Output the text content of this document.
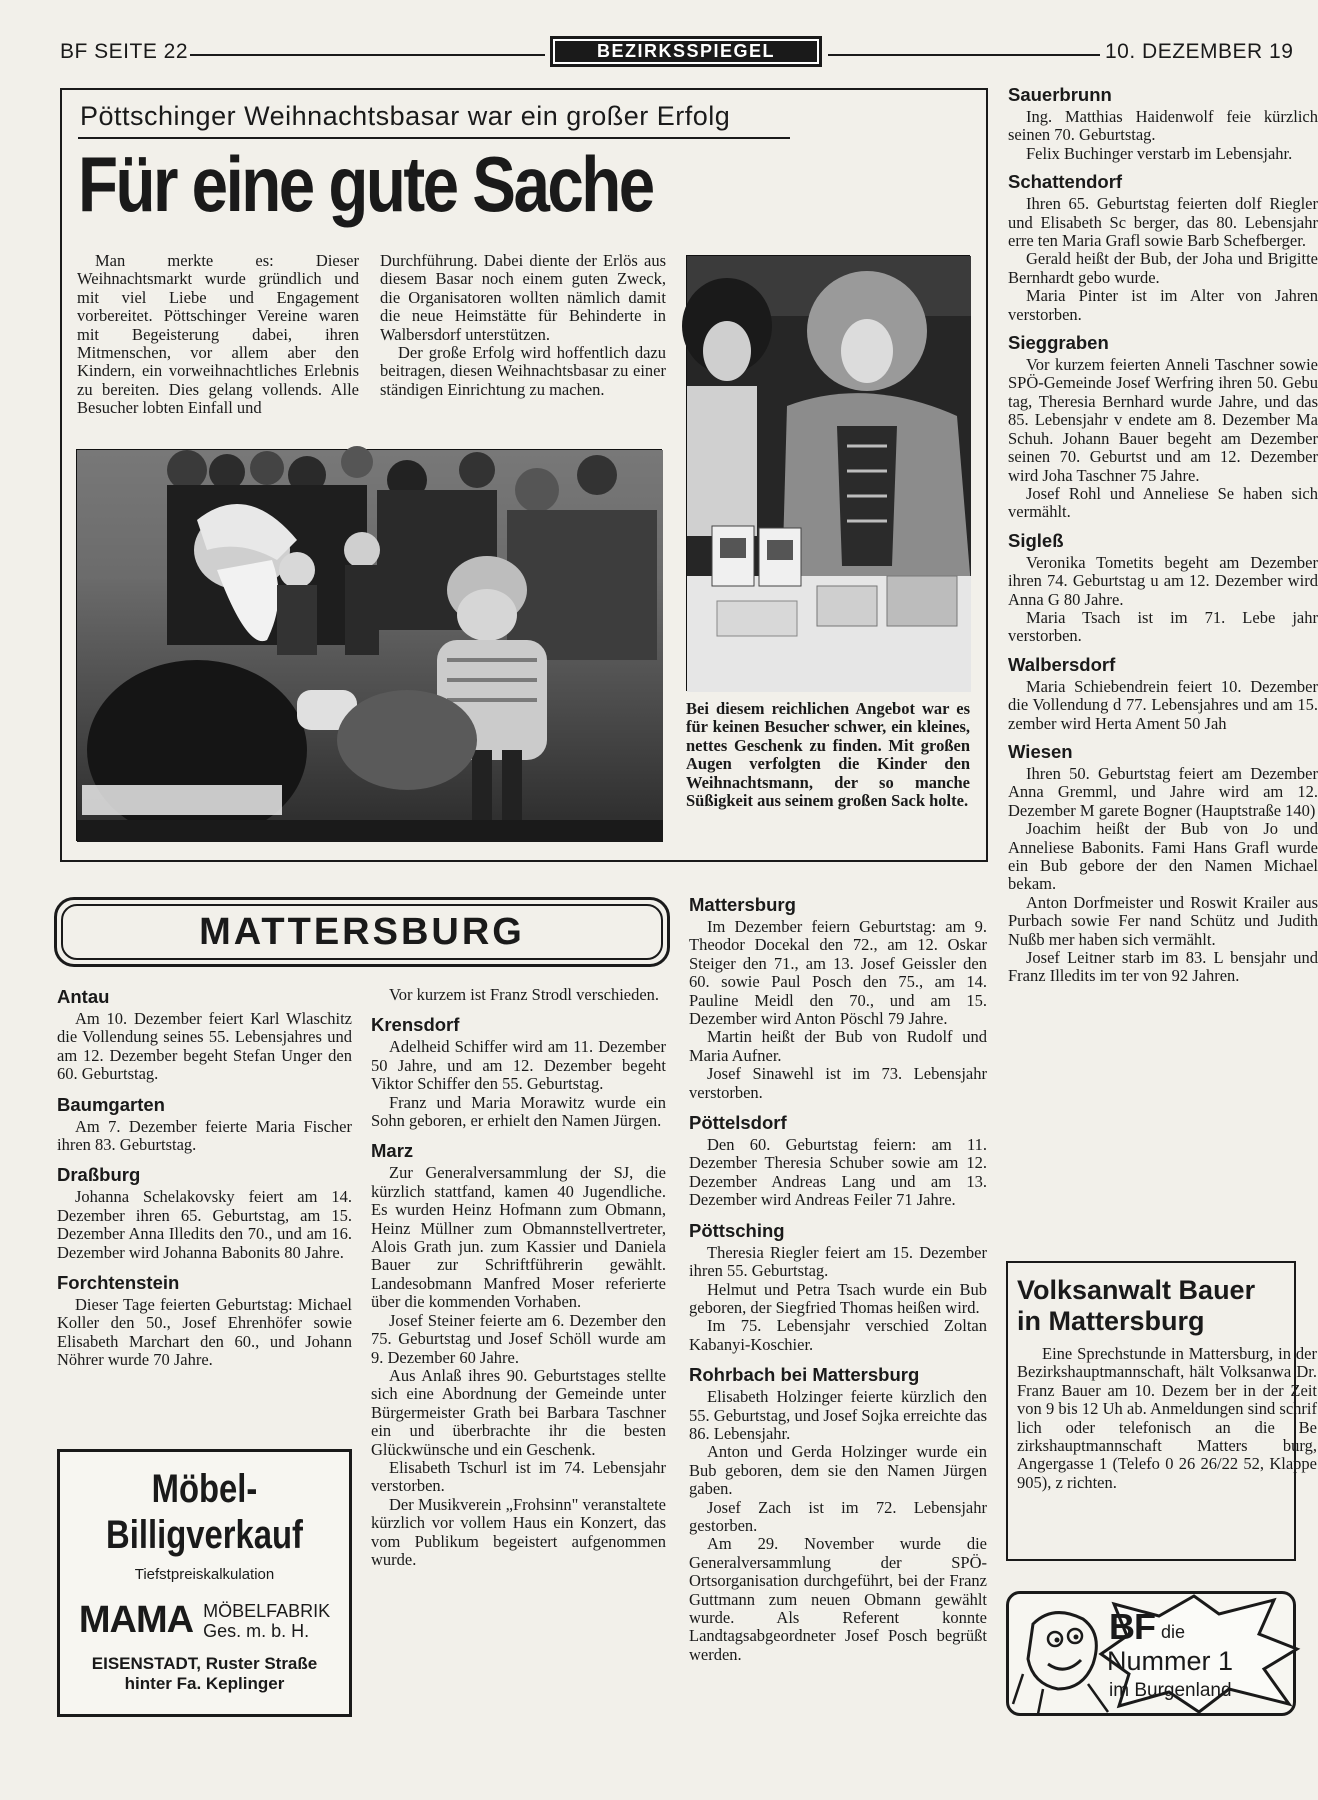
BF SEITE 22	BEZIRKSSPIEGEL	10. DEZEMBER 19
Pöttschinger Weihnachtsbasar war ein großer Erfolg
Für eine gute Sache

Man merkte es: Dieser Weihnachtsmarkt wurde gründlich und mit viel Liebe und Engagement vorbereitet. Pöttschinger Vereine waren mit Begeisterung dabei, ihren Mitmenschen, vor allem aber den Kindern, ein vorweihnachtliches Erlebnis zu bereiten. Dies gelang vollends. Alle Besucher lobten Einfall und

Durchführung. Dabei diente der Erlös aus diesem Basar noch einem guten Zweck, die Organisatoren wollten nämlich damit die neue Heimstätte für Behinderte in Walbersdorf unterstützen.

Der große Erfolg wird hoffentlich dazu beitragen, diesen Weihnachtsbasar zu einer ständigen Einrichtung zu machen.

Bei diesem reichlichen Angebot war es für keinen Besucher schwer, ein kleines, nettes Geschenk zu finden. Mit großen Augen verfolgten die Kinder den Weihnachtsmann, der so manche Süßigkeit aus seinem großen Sack holte.
MATTERSBURG
Antau

Am 10. Dezember feiert Karl Wlaschitz die Vollendung seines 55. Lebensjahres und am 12. Dezember begeht Stefan Unger den 60. Geburtstag.

Baumgarten

Am 7. Dezember feierte Maria Fischer ihren 83. Geburtstag.

Draßburg

Johanna Schelakovsky feiert am 14. Dezember ihren 65. Geburtstag, am 15. Dezember Anna Illedits den 70., und am 16. Dezember wird Johanna Babonits 80 Jahre.

Forchtenstein

Dieser Tage feierten Geburtstag: Michael Koller den 50., Josef Ehrenhöfer sowie Elisabeth Marchart den 60., und Johann Nöhrer wurde 70 Jahre.

Möbel-
Billigverkauf
Tiefstpreiskalkulation
MAMA MÖBELFABRIK
Ges. m. b. H.
EISENSTADT, Ruster Straße
hinter Fa. Keplinger

Vor kurzem ist Franz Strodl verschieden.

Krensdorf

Adelheid Schiffer wird am 11. Dezember 50 Jahre, und am 12. Dezember begeht Viktor Schiffer den 55. Geburtstag.

Franz und Maria Morawitz wurde ein Sohn geboren, er erhielt den Namen Jürgen.

Marz

Zur Generalversammlung der SJ, die kürzlich stattfand, kamen 40 Jugendliche. Es wurden Heinz Hofmann zum Obmann, Heinz Müllner zum Obmannstellvertreter, Alois Grath jun. zum Kassier und Daniela Bauer zur Schriftführerin gewählt. Landesobmann Manfred Moser referierte über die kommenden Vorhaben.

Josef Steiner feierte am 6. Dezember den 75. Geburtstag und Josef Schöll wurde am 9. Dezember 60 Jahre.

Aus Anlaß ihres 90. Geburtstages stellte sich eine Abordnung der Gemeinde unter Bürgermeister Grath bei Barbara Taschner ein und überbrachte ihr die besten Glückwünsche und ein Geschenk.

Elisabeth Tschurl ist im 74. Lebensjahr verstorben.

Der Musikverein „Frohsinn" veranstaltete kürzlich vor vollem Haus ein Konzert, das vom Publikum begeistert aufgenommen wurde.

Mattersburg

Im Dezember feiern Geburtstag: am 9. Theodor Docekal den 72., am 12. Oskar Steiger den 71., am 13. Josef Geissler den 60. sowie Paul Posch den 75., am 14. Pauline Meidl den 70., und am 15. Dezember wird Anton Pöschl 79 Jahre.

Martin heißt der Bub von Rudolf und Maria Aufner.

Josef Sinawehl ist im 73. Lebensjahr verstorben.

Pöttelsdorf

Den 60. Geburtstag feiern: am 11. Dezember Theresia Schuber sowie am 12. Dezember Andreas Lang und am 13. Dezember wird Andreas Feiler 71 Jahre.

Pöttsching

Theresia Riegler feiert am 15. Dezember ihren 55. Geburtstag.

Helmut und Petra Tsach wurde ein Bub geboren, der Siegfried Thomas heißen wird.

Im 75. Lebensjahr verschied Zoltan Kabanyi-Koschier.

Rohrbach bei Mattersburg

Elisabeth Holzinger feierte kürzlich den 55. Geburtstag, und Josef Sojka erreichte das 86. Lebensjahr.

Anton und Gerda Holzinger wurde ein Bub geboren, dem sie den Namen Jürgen gaben.

Josef Zach ist im 72. Lebensjahr gestorben.

Am 29. November wurde die Generalversammlung der SPÖ-Ortsorganisation durchgeführt, bei der Franz Guttmann zum neuen Obmann gewählt wurde. Als Referent konnte Landtagsabgeordneter Josef Posch begrüßt werden.

Sauerbrunn

Ing. Matthias Haidenwolf feie kürzlich seinen 70. Geburtstag.

Felix Buchinger verstarb im Lebensjahr.

Schattendorf

Ihren 65. Geburtstag feierten dolf Riegler und Elisabeth Sc berger, das 80. Lebensjahr erre ten Maria Grafl sowie Barb Schefberger.

Gerald heißt der Bub, der Joha und Brigitte Bernhardt gebo wurde.

Maria Pinter ist im Alter von Jahren verstorben.

Sieggraben

Vor kurzem feierten Anneli Taschner sowie SPÖ-Gemeinde Josef Werfring ihren 50. Gebu tag, Theresia Bernhard wurde Jahre, und das 85. Lebensjahr v endete am 8. Dezember Ma Schuh. Johann Bauer begeht am Dezember seinen 70. Geburtst und am 12. Dezember wird Joha Taschner 75 Jahre.

Josef Rohl und Anneliese Se haben sich vermählt.

Sigleß

Veronika Tometits begeht am Dezember ihren 74. Geburtstag u am 12. Dezember wird Anna G 80 Jahre.

Maria Tsach ist im 71. Lebe jahr verstorben.

Walbersdorf

Maria Schiebendrein feiert 10. Dezember die Vollendung d 77. Lebensjahres und am 15. zember wird Herta Ament 50 Jah

Wiesen

Ihren 50. Geburtstag feiert am Dezember Anna Gremml, und Jahre wird am 12. Dezember M garete Bogner (Hauptstraße 140)

Joachim heißt der Bub von Jo und Anneliese Babonits. Fami Hans Grafl wurde ein Bub gebore der den Namen Michael bekam.

Anton Dorfmeister und Roswit Krailer aus Purbach sowie Fer nand Schütz und Judith Nußb mer haben sich vermählt.

Josef Leitner starb im 83. L bensjahr und Franz Illedits im ter von 92 Jahren.

Volksanwalt Bauer
in Mattersburg

Eine Sprechstunde in Mattersburg, in der Bezirkshauptmannschaft, hält Volksanwa Dr. Franz Bauer am 10. Dezem ber in der Zeit von 9 bis 12 Uh ab. Anmeldungen sind schrif lich oder telefonisch an die Be zirkshauptmannschaft Matters burg, Angergasse 1 (Telefo 0 26 26/22 52, Klappe 905), z richten.

BF die
Nummer 1
im Burgenland
